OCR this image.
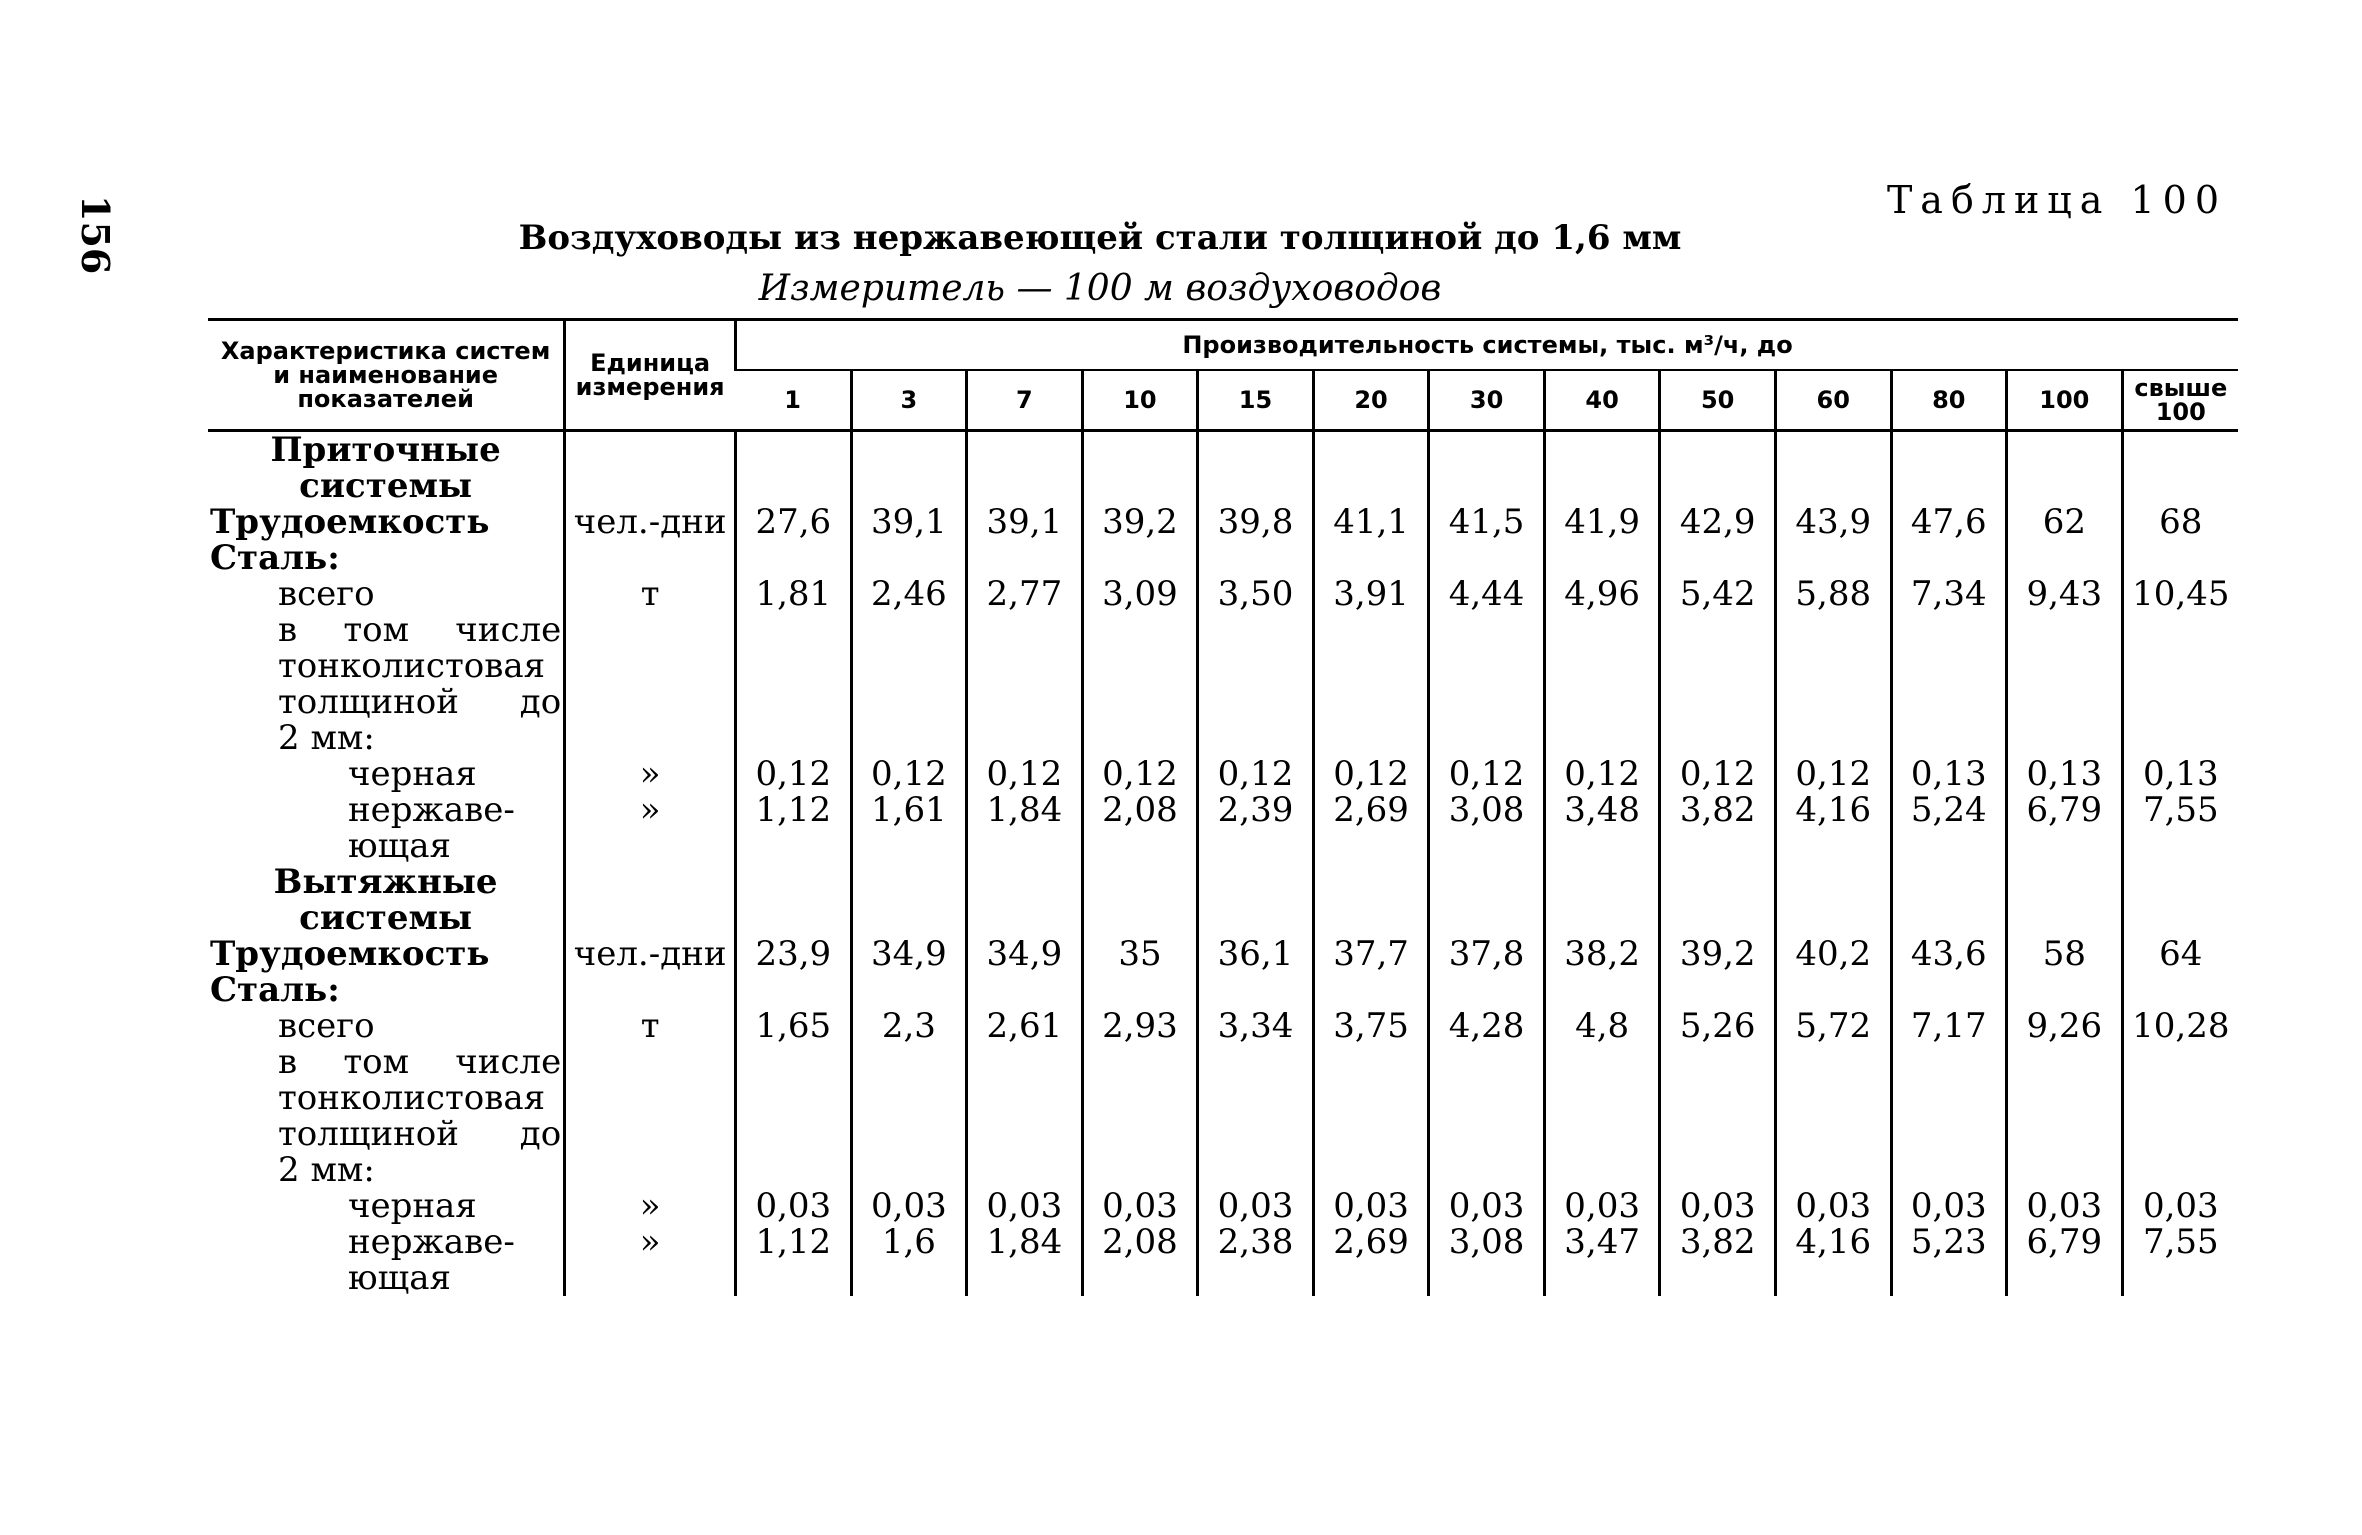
156	Таблица 100
Воздуховоды из нержавеющей стали толщиной до 1,6 мм
Измеритель — 100 м воздуховодов
Характеристика систем и наименование показателей	Единица измерения	Производительность системы, тыс. м³/ч, до												
		1	3	7	10	15	20	30	40	50	60	80	100	свыше 100
Приточные системы														
Трудоемкость	чел.-дни	27,6	39,1	39,1	39,2	39,8	41,1	41,5	41,9	42,9	43,9	47,6	62	68
Сталь:														
всего	т	1,81	2,46	2,77	3,09	3,50	3,91	4,44	4,96	5,42	5,88	7,34	9,43	10,45
в том числе														
тонколистовая														
толщиной до														
2 мм:														
черная	»	0,12	0,12	0,12	0,12	0,12	0,12	0,12	0,12	0,12	0,12	0,13	0,13	0,13
нержаве-	»	1,12	1,61	1,84	2,08	2,39	2,69	3,08	3,48	3,82	4,16	5,24	6,79	7,55
ющая														
Вытяжные системы														
Трудоемкость	чел.-дни	23,9	34,9	34,9	35	36,1	37,7	37,8	38,2	39,2	40,2	43,6	58	64
Сталь:														
всего	т	1,65	2,3	2,61	2,93	3,34	3,75	4,28	4,8	5,26	5,72	7,17	9,26	10,28
в том числе														
тонколистовая														
толщиной до														
2 мм:														
черная	»	0,03	0,03	0,03	0,03	0,03	0,03	0,03	0,03	0,03	0,03	0,03	0,03	0,03
нержаве-	»	1,12	1,6	1,84	2,08	2,38	2,69	3,08	3,47	3,82	4,16	5,23	6,79	7,55
ющая														
